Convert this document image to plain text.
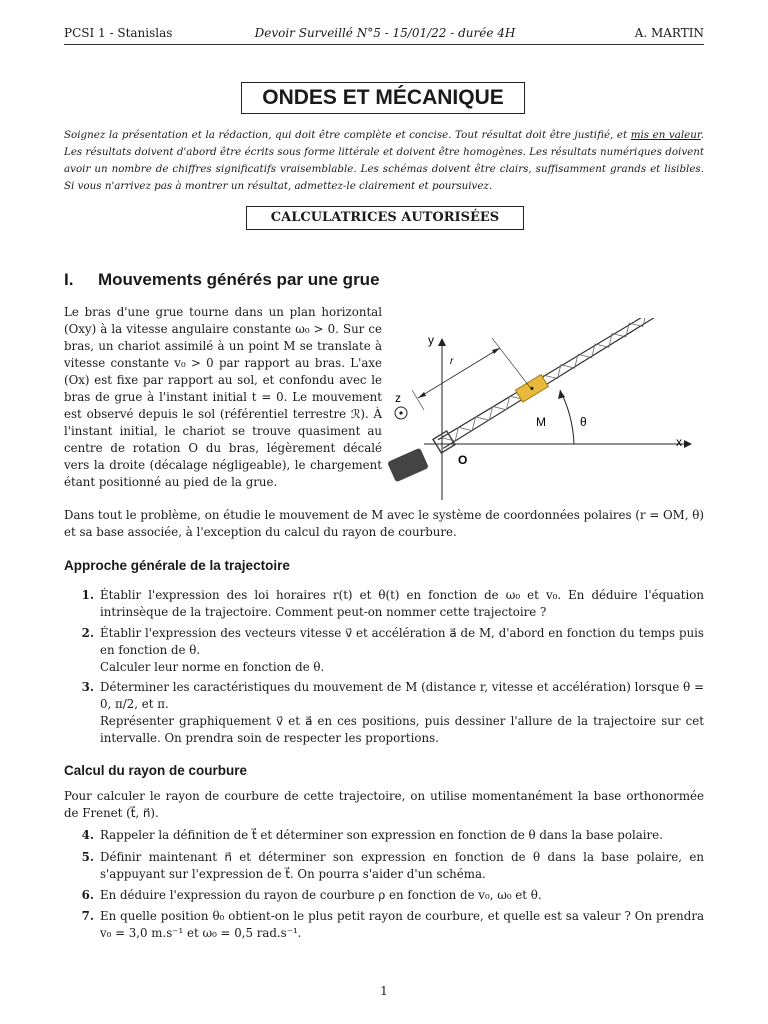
PCSI 1 - Stanislas	Devoir Surveillé N°5 - 15/01/22 - durée 4H	A. MARTIN
ONDES ET MÉCANIQUE
Soignez la présentation et la rédaction, qui doit être complète et concise. Tout résultat doit être justifié, et mis en valeur. Les résultats doivent d'abord être écrits sous forme littérale et doivent être homogènes. Les résultats numériques doivent avoir un nombre de chiffres significatifs vraisemblable. Les schémas doivent être clairs, suffisamment grands et lisibles. Si vous n'arrivez pas à montrer un résultat, admettez-le clairement et poursuivez.
CALCULATRICES AUTORISÉES
I. Mouvements générés par une grue
Le bras d'une grue tourne dans un plan horizontal (Oxy) à la vitesse angulaire constante ω₀ > 0. Sur ce bras, un chariot assimilé à un point M se translate à vitesse constante v₀ > 0 par rapport au bras. L'axe (Ox) est fixe par rapport au sol, et confondu avec le bras de grue à l'instant initial t = 0. Le mouvement est observé depuis le sol (référentiel terrestre ℛ). À l'instant initial, le chariot se trouve quasiment au centre de rotation O du bras, légèrement décalé vers la droite (décalage négligeable), le chargement étant positionné au pied de la grue.
y
x
z
r
θ
M
O
Dans tout le problème, on étudie le mouvement de M avec le système de coordonnées polaires (r = OM, θ) et sa base associée, à l'exception du calcul du rayon de courbure.
Approche générale de la trajectoire
1. Établir l'expression des loi horaires r(t) et θ(t) en fonction de ω₀ et v₀. En déduire l'équation intrinsèque de la trajectoire. Comment peut-on nommer cette trajectoire ?
2. Établir l'expression des vecteurs vitesse v⃗ et accélération a⃗ de M, d'abord en fonction du temps puis en fonction de θ.
Calculer leur norme en fonction de θ.
3. Déterminer les caractéristiques du mouvement de M (distance r, vitesse et accélération) lorsque θ = 0, π/2, et π.
Représenter graphiquement v⃗ et a⃗ en ces positions, puis dessiner l'allure de la trajectoire sur cet intervalle. On prendra soin de respecter les proportions.
Calcul du rayon de courbure
Pour calculer le rayon de courbure de cette trajectoire, on utilise momentanément la base orthonormée de Frenet (t⃗, n⃗).
4. Rappeler la définition de t⃗ et déterminer son expression en fonction de θ dans la base polaire.
5. Définir maintenant n⃗ et déterminer son expression en fonction de θ dans la base polaire, en s'appuyant sur l'expression de t⃗. On pourra s'aider d'un schéma.
6. En déduire l'expression du rayon de courbure ρ en fonction de v₀, ω₀ et θ.
7. En quelle position θ₀ obtient-on le plus petit rayon de courbure, et quelle est sa valeur ? On prendra v₀ = 3,0 m.s⁻¹ et ω₀ = 0,5 rad.s⁻¹.
1
